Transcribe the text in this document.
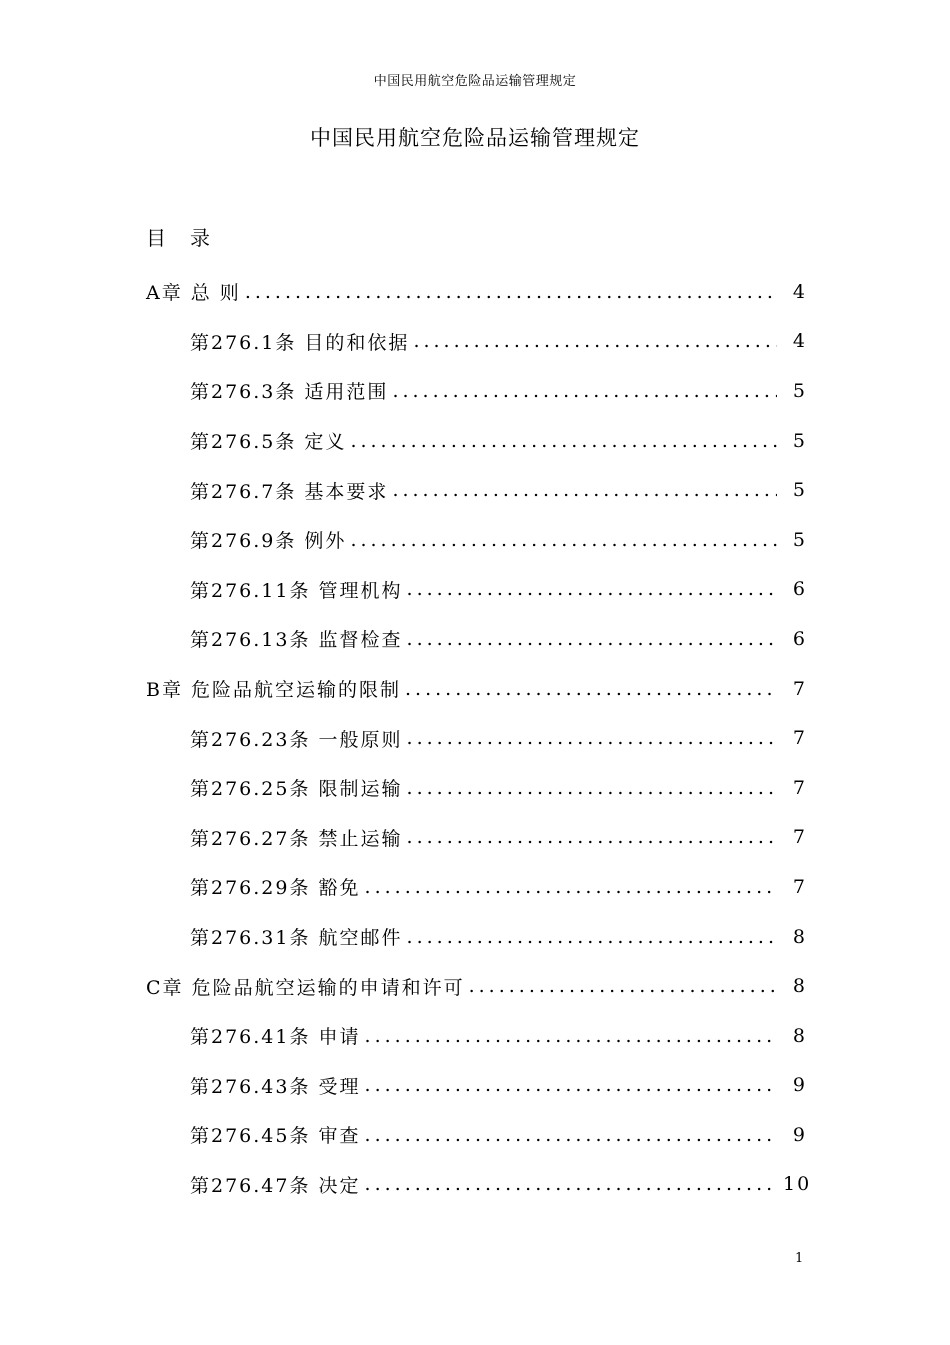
中国民用航空危险品运输管理规定
中国民用航空危险品运输管理规定
目录
A章 总 则 .....	4
第276.1条 目的和依据 .....	4
第276.3条 适用范围 .....	5
第276.5条 定义 .....	5
第276.7条 基本要求 .....	5
第276.9条 例外 .....	5
第276.11条 管理机构 .....	6
第276.13条 监督检查 .....	6
B章 危险品航空运输的限制 .....	7
第276.23条 一般原则 .....	7
第276.25条 限制运输 .....	7
第276.27条 禁止运输 .....	7
第276.29条 豁免 .....	7
第276.31条 航空邮件 .....	8
C章 危险品航空运输的申请和许可 .....	8
第276.41条 申请 .....	8
第276.43条 受理 .....	9
第276.45条 审查 .....	9
第276.47条 决定 .....	10
1
